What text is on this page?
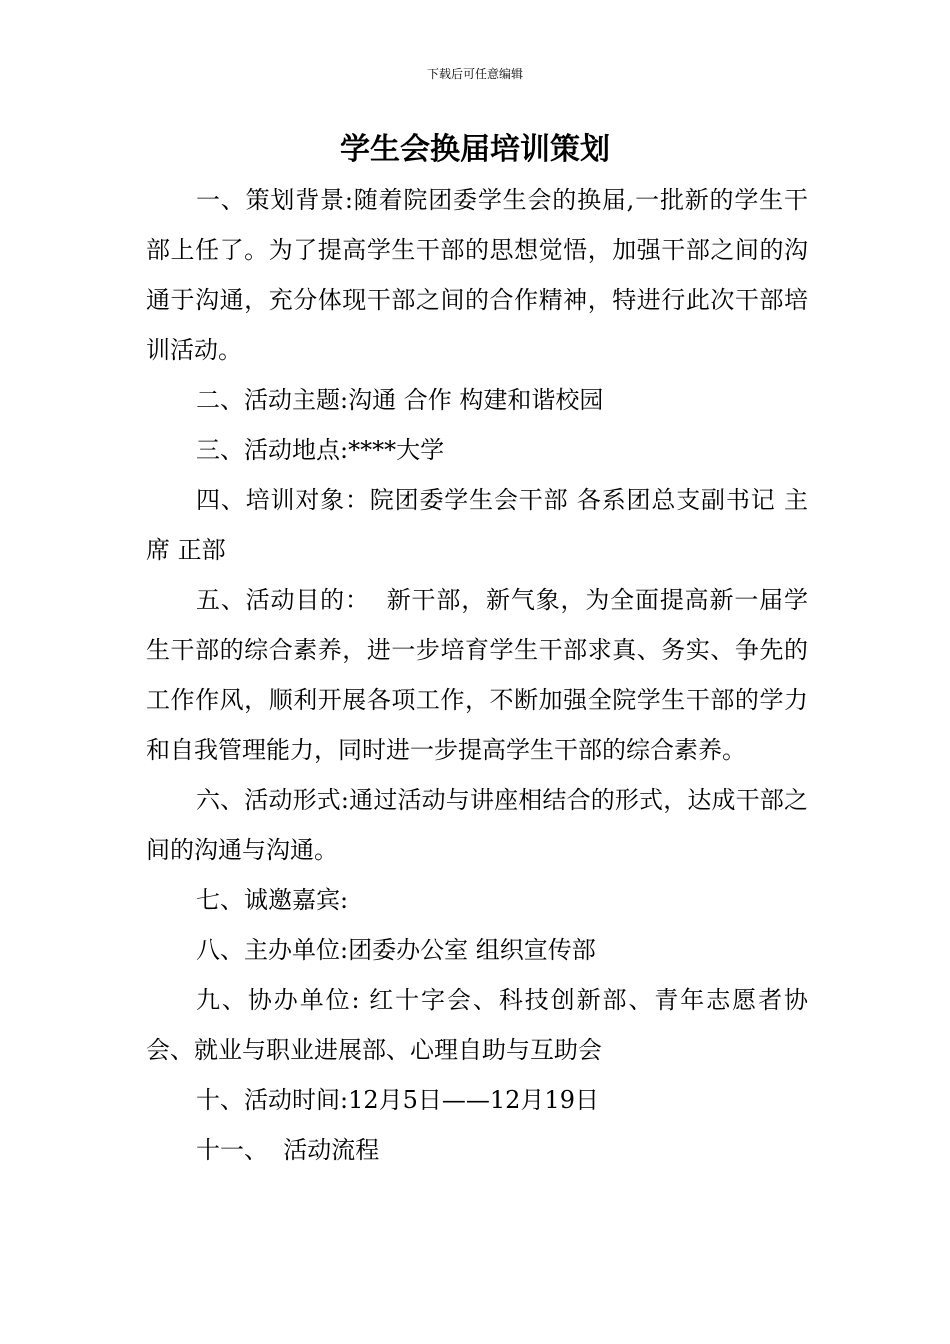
下载后可任意编辑
学生会换届培训策划

一、策划背景:随着院团委学生会的换届,一批新的学生干部上任了。为了提高学生干部的思想觉悟，加强干部之间的沟通于沟通，充分体现干部之间的合作精神，特进行此次干部培训活动。

二、活动主题:沟通 合作 构建和谐校园

三、活动地点:****大学

四、培训对象：院团委学生会干部 各系团总支副书记 主席 正部

五、活动目的：  新干部，新气象，为全面提高新一届学生干部的综合素养，进一步培育学生干部求真、务实、争先的工作作风，顺利开展各项工作，不断加强全院学生干部的学力和自我管理能力，同时进一步提高学生干部的综合素养。

六、活动形式:通过活动与讲座相结合的形式，达成干部之间的沟通与沟通。

七、诚邀嘉宾:

八、主办单位:团委办公室 组织宣传部

九、协办单位: 红十字会、科技创新部、青年志愿者协会、就业与职业进展部、心理自助与互助会

十、活动时间:12月5日——12月19日

十一、  活动流程
